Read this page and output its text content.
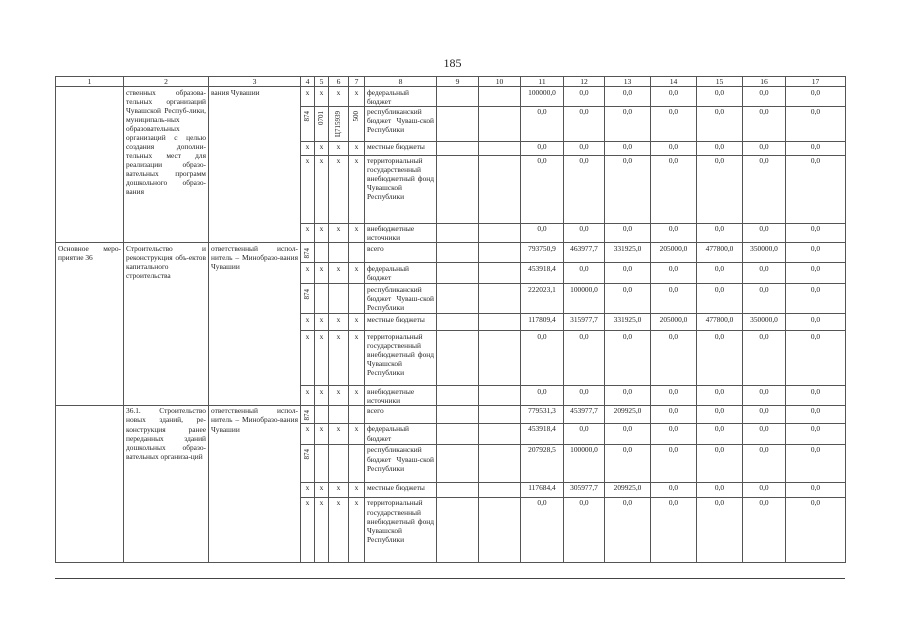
185
1	2	3	4	5	6	7	8	9	10	11	12	13	14	15	16	17
	ственных образова-тельных организаций Чувашской Респуб-лики, муниципаль-ных образовательных организаций с целью создания дополни-тельных мест для реализации образо-вательных программ дошкольного образо-вания	вания Чувашии	x	x	x	x	федеральный бюджет			100000,0	0,0	0,0	0,0	0,0	0,0	0,0
			874	0701	Ц715939	500	республиканский бюджет Чуваш-ской Республики			0,0	0,0	0,0	0,0	0,0	0,0	0,0
			x	x	x	x	местные бюджеты			0,0	0,0	0,0	0,0	0,0	0,0	0,0
			x	x	x	x	территориальный государственный внебюджетный фонд Чувашской Республики			0,0	0,0	0,0	0,0	0,0	0,0	0,0
			x	x	x	x	внебюджетные источники			0,0	0,0	0,0	0,0	0,0	0,0	0,0
Основное меро-приятие 36	Строительство и реконструкция объ-ектов капитального строительства	ответственный испол-нитель – Минобразо-вания Чувашии	874				всего			793750,9	463977,7	331925,0	205000,0	477800,0	350000,0	0,0
			x	x	x	x	федеральный бюджет			453918,4	0,0	0,0	0,0	0,0	0,0	0,0
			874				республиканский бюджет Чуваш-ской Республики			222023,1	100000,0	0,0	0,0	0,0	0,0	0,0
			x	x	x	x	местные бюджеты			117809,4	315977,7	331925,0	205000,0	477800,0	350000,0	0,0
			x	x	x	x	территориальный государственный внебюджетный фонд Чувашской Республики			0,0	0,0	0,0	0,0	0,0	0,0	0,0
			x	x	x	x	внебюджетные источники			0,0	0,0	0,0	0,0	0,0	0,0	0,0
	36.1. Строительство новых зданий, ре-конструкция ранее переданных зданий дошкольных образо-вательных организа-ций	ответственный испол-нитель – Минобразо-вания Чувашии	874				всего			779531,3	453977,7	209925,0	0,0	0,0	0,0	0,0
			x	x	x	x	федеральный бюджет			453918,4	0,0	0,0	0,0	0,0	0,0	0,0
			874				республиканский бюджет Чуваш-ской Республики			207928,5	100000,0	0,0	0,0	0,0	0,0	0,0
			x	x	x	x	местные бюджеты			117684,4	305977,7	209925,0	0,0	0,0	0,0	0,0
			x	x	x	x	территориальный государственный внебюджетный фонд Чувашской Республики			0,0	0,0	0,0	0,0	0,0	0,0	0,0
